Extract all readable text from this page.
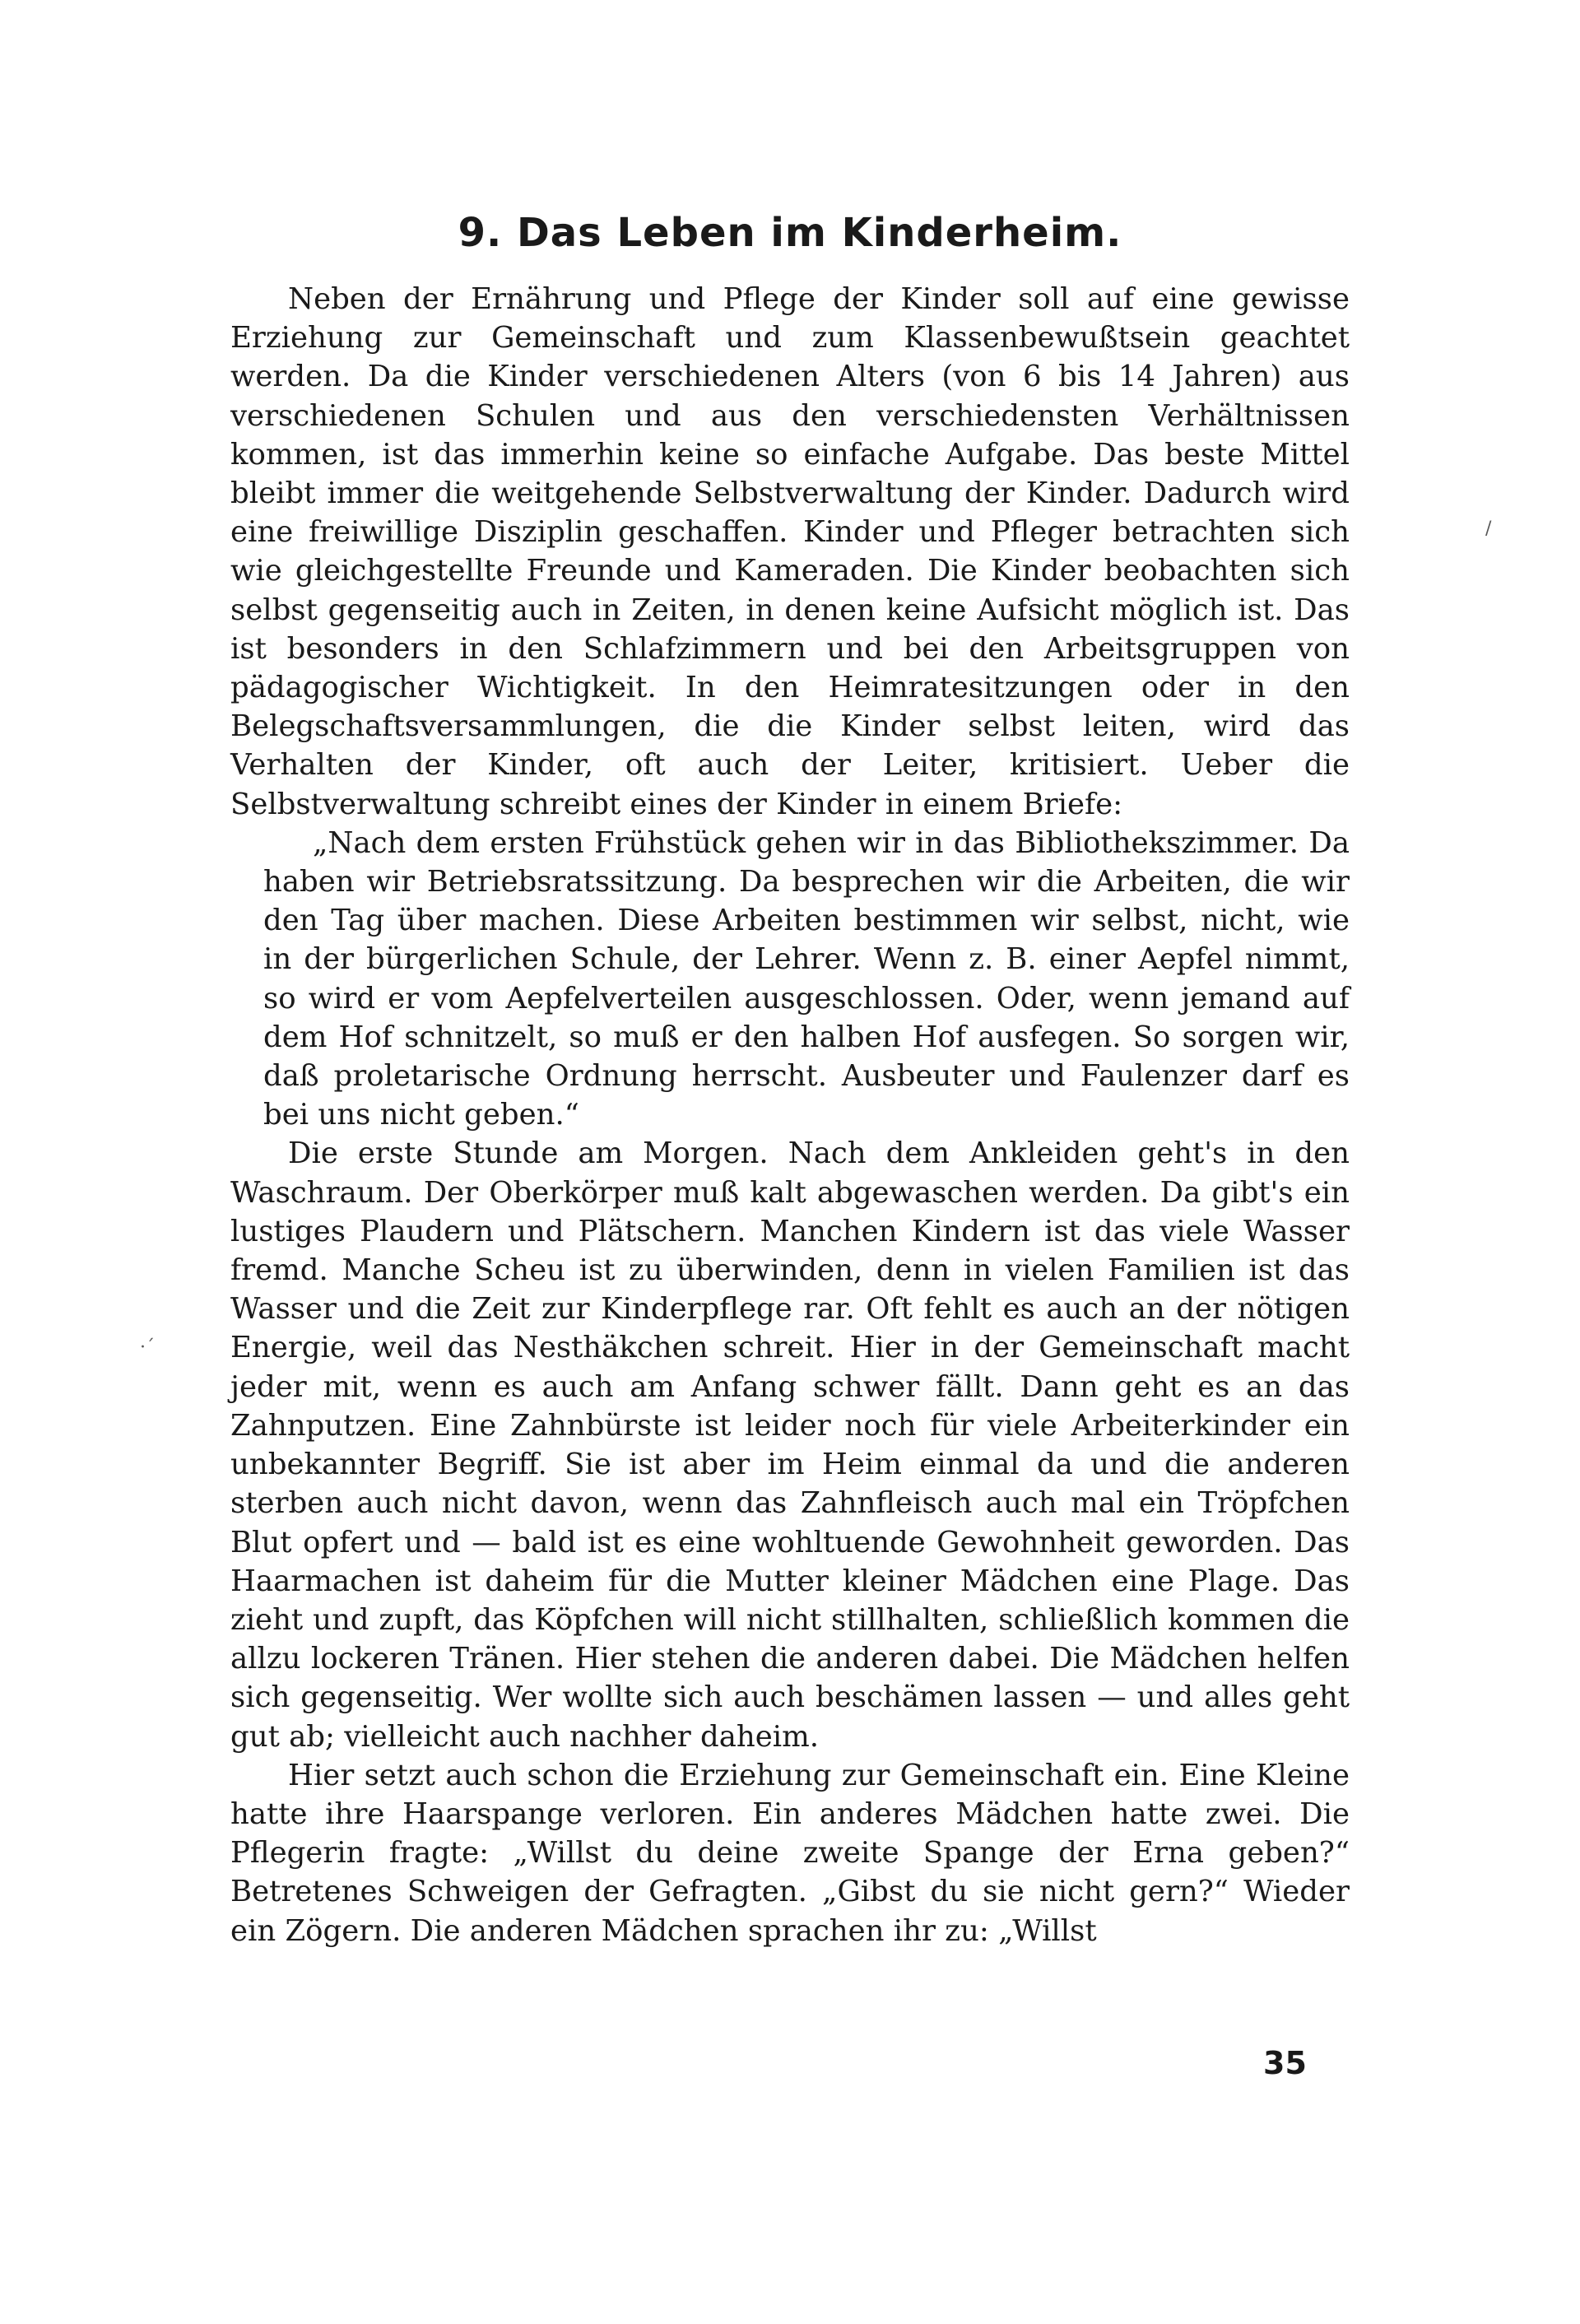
9. Das Leben im Kinderheim.

Neben der Ernährung und Pflege der Kinder soll auf eine gewisse Erziehung zur Gemeinschaft und zum Klassenbewußtsein geachtet werden. Da die Kinder verschiedenen Alters (von 6 bis 14 Jahren) aus verschiedenen Schulen und aus den verschiedensten Verhältnissen kommen, ist das immerhin keine so einfache Aufgabe. Das beste Mittel bleibt immer die weitgehende Selbstverwaltung der Kinder. Dadurch wird eine freiwillige Disziplin geschaffen. Kinder und Pfleger betrachten sich wie gleichgestellte Freunde und Kameraden. Die Kinder beobachten sich selbst gegenseitig auch in Zeiten, in denen keine Aufsicht möglich ist. Das ist besonders in den Schlafzimmern und bei den Arbeitsgruppen von pädagogischer Wichtigkeit. In den Heimratesitzungen oder in den Belegschaftsversammlungen, die die Kinder selbst leiten, wird das Verhalten der Kinder, oft auch der Leiter, kritisiert. Ueber die Selbstverwaltung schreibt eines der Kinder in einem Briefe:

„Nach dem ersten Frühstück gehen wir in das Bibliothekszimmer. Da haben wir Betriebsratssitzung. Da besprechen wir die Arbeiten, die wir den Tag über machen. Diese Arbeiten bestimmen wir selbst, nicht, wie in der bürgerlichen Schule, der Lehrer. Wenn z. B. einer Aepfel nimmt, so wird er vom Aepfelverteilen ausgeschlossen. Oder, wenn jemand auf dem Hof schnitzelt, so muß er den halben Hof ausfegen. So sorgen wir, daß proletarische Ordnung herrscht. Ausbeuter und Faulenzer darf es bei uns nicht geben.“

Die erste Stunde am Morgen. Nach dem Ankleiden geht's in den Waschraum. Der Oberkörper muß kalt abgewaschen werden. Da gibt's ein lustiges Plaudern und Plätschern. Manchen Kindern ist das viele Wasser fremd. Manche Scheu ist zu überwinden, denn in vielen Familien ist das Wasser und die Zeit zur Kinderpflege rar. Oft fehlt es auch an der nötigen Energie, weil das Nesthäkchen schreit. Hier in der Gemeinschaft macht jeder mit, wenn es auch am Anfang schwer fällt. Dann geht es an das Zahnputzen. Eine Zahnbürste ist leider noch für viele Arbeiterkinder ein unbekannter Begriff. Sie ist aber im Heim einmal da und die anderen sterben auch nicht davon, wenn das Zahnfleisch auch mal ein Tröpfchen Blut opfert und — bald ist es eine wohltuende Gewohnheit geworden. Das Haarmachen ist daheim für die Mutter kleiner Mädchen eine Plage. Das zieht und zupft, das Köpfchen will nicht stillhalten, schließlich kommen die allzu lockeren Tränen. Hier stehen die anderen dabei. Die Mädchen helfen sich gegenseitig. Wer wollte sich auch beschämen lassen — und alles geht gut ab; vielleicht auch nachher daheim.

Hier setzt auch schon die Erziehung zur Gemeinschaft ein. Eine Kleine hatte ihre Haarspange verloren. Ein anderes Mädchen hatte zwei. Die Pflegerin fragte: „Willst du deine zweite Spange der Erna geben?“ Betretenes Schweigen der Gefragten. „Gibst du sie nicht gern?“ Wieder ein Zögern. Die anderen Mädchen sprachen ihr zu: „Willst

/
·´
35
